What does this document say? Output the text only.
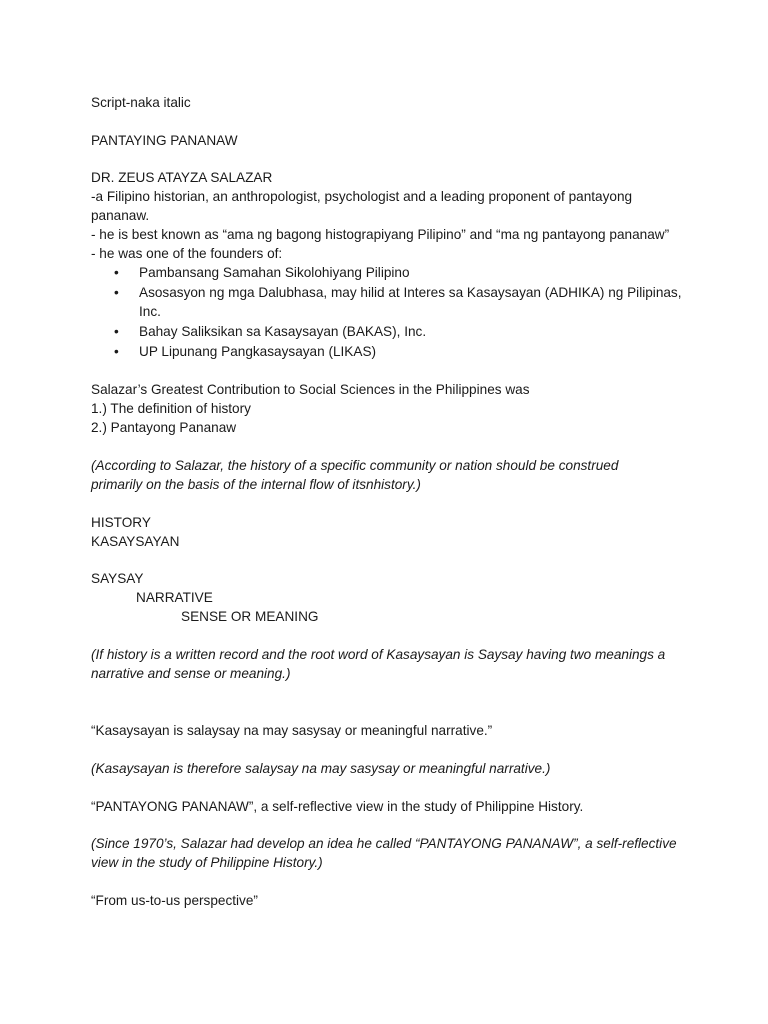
Script-naka italic
PANTAYING PANANAW
DR. ZEUS ATAYZA SALAZAR
-a Filipino historian, an anthropologist, psychologist and a leading proponent of pantayong
pananaw.
- he is best known as “ama ng bagong histograpiyang Pilipino” and “ma ng pantayong pananaw”
- he was one of the founders of:
• Pambansang Samahan Sikolohiyang Pilipino
• Asosasyon ng mga Dalubhasa, may hilid at Interes sa Kasaysayan (ADHIKA) ng Pilipinas,
Inc.
• Bahay Saliksikan sa Kasaysayan (BAKAS), Inc.
• UP Lipunang Pangkasaysayan (LIKAS)
Salazar’s Greatest Contribution to Social Sciences in the Philippines was
1.) The definition of history
2.) Pantayong Pananaw
(According to Salazar, the history of a specific community or nation should be construed
primarily on the basis of the internal flow of itsnhistory.)
HISTORY
KASAYSAYAN
SAYSAY
NARRATIVE
SENSE OR MEANING
(If history is a written record and the root word of Kasaysayan is Saysay having two meanings a
narrative and sense or meaning.)
“Kasaysayan is salaysay na may sasysay or meaningful narrative.”
(Kasaysayan is therefore salaysay na may sasysay or meaningful narrative.)
“PANTAYONG PANANAW”, a self-reflective view in the study of Philippine History.
(Since 1970’s, Salazar had develop an idea he called “PANTAYONG PANANAW”, a self-reflective
view in the study of Philippine History.)
“From us-to-us perspective”
